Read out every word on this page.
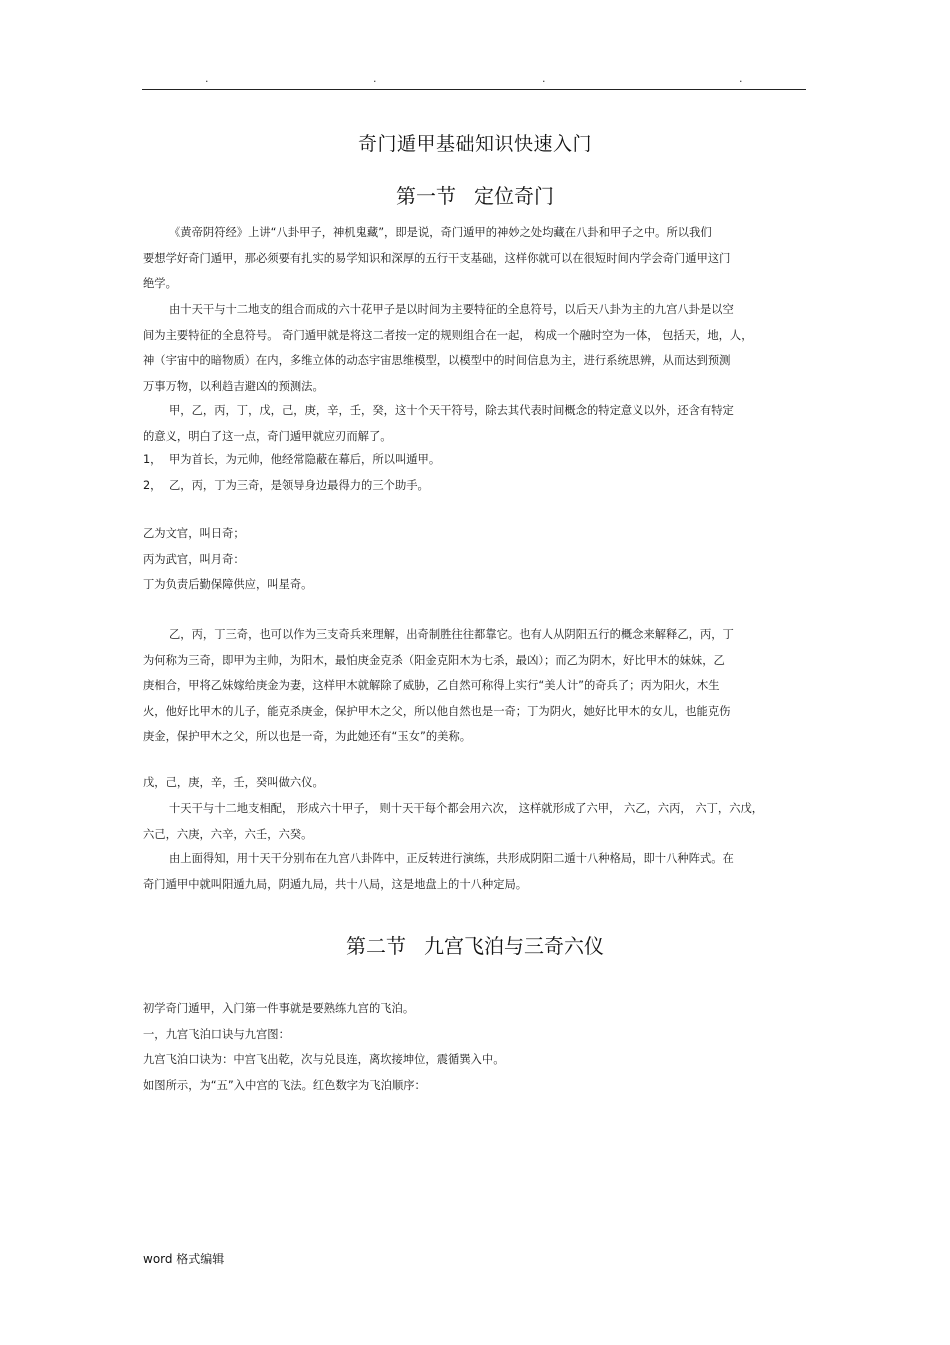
.	.	.	.
奇门遁甲基础知识快速入门
第一节 定位奇门
《黄帝阴符经》上讲“八卦甲子，神机鬼藏”，即是说，奇门遁甲的神妙之处均藏在八卦和甲子之中。所以我们
要想学好奇门遁甲，那必须要有扎实的易学知识和深厚的五行干支基础，这样你就可以在很短时间内学会奇门遁甲这门
绝学。
由十天干与十二地支的组合而成的六十花甲子是以时间为主要特征的全息符号，以后天八卦为主的九宫八卦是以空
间为主要特征的全息符号。 奇门遁甲就是将这二者按一定的规则组合在一起， 构成一个融时空为一体， 包括天，地，人，
神（宇宙中的暗物质）在内，多维立体的动态宇宙思维模型，以模型中的时间信息为主，进行系统思辨，从而达到预测
万事万物，以利趋吉避凶的预测法。
甲，乙，丙，丁，戊，己，庚，辛，壬，癸，这十个天干符号，除去其代表时间概念的特定意义以外，还含有特定
的意义，明白了这一点，奇门遁甲就应刃而解了。
1， 甲为首长，为元帅，他经常隐蔽在幕后，所以叫遁甲。
2， 乙，丙，丁为三奇，是领导身边最得力的三个助手。
乙为文官，叫日奇；
丙为武官，叫月奇：
丁为负责后勤保障供应，叫星奇。
乙，丙，丁三奇，也可以作为三支奇兵来理解，出奇制胜往往都靠它。也有人从阴阳五行的概念来解释乙，丙，丁
为何称为三奇，即甲为主帅，为阳木，最怕庚金克杀（阳金克阳木为七杀，最凶）；而乙为阴木，好比甲木的妹妹，乙
庚相合，甲将乙妹嫁给庚金为妻，这样甲木就解除了威胁，乙自然可称得上实行“美人计”的奇兵了；丙为阳火，木生
火，他好比甲木的儿子，能克杀庚金，保护甲木之父，所以他自然也是一奇；丁为阴火，她好比甲木的女儿，也能克伤
庚金，保护甲木之父，所以也是一奇，为此她还有“玉女”的美称。
戊，己，庚，辛，壬，癸叫做六仪。
十天干与十二地支相配， 形成六十甲子， 则十天干每个都会用六次， 这样就形成了六甲， 六乙，六丙， 六丁，六戊，
六己，六庚，六辛，六壬，六癸。
由上面得知，用十天干分别布在九宫八卦阵中，正反转进行演练，共形成阴阳二遁十八种格局，即十八种阵式。在
奇门遁甲中就叫阳遁九局，阴遁九局，共十八局，这是地盘上的十八种定局。
第二节 九宫飞泊与三奇六仪
初学奇门遁甲，入门第一件事就是要熟练九宫的飞泊。
一，九宫飞泊口诀与九宫图：
九宫飞泊口诀为：中宫飞出乾，次与兑艮连，离坎接坤位，震循巽入中。
如图所示，为“五”入中宫的飞法。红色数字为飞泊顺序：
word 格式编辑
